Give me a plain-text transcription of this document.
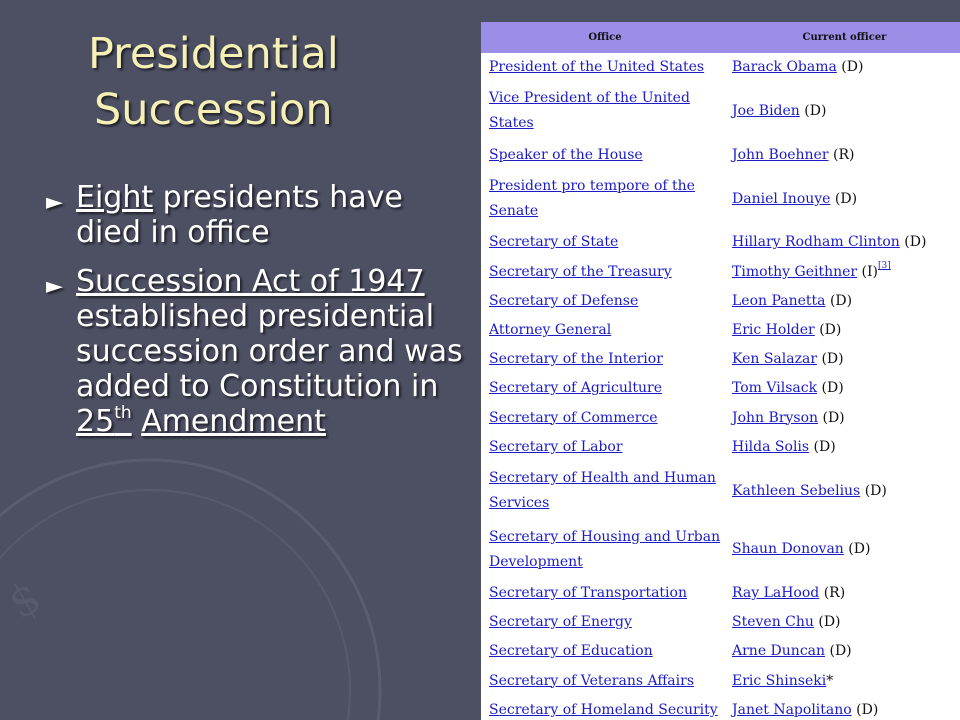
$
Presidential
Succession
► Eight presidents have died in office
► Succession Act of 1947 established presidential succession order and was added to Constitution in 25th Amendment
Office	Current officer
President of the United States	Barack Obama (D)
Vice President of the United States	Joe Biden (D)
Speaker of the House	John Boehner (R)
President pro tempore of the Senate	Daniel Inouye (D)
Secretary of State	Hillary Rodham Clinton (D)
Secretary of the Treasury	Timothy Geithner (I)[3]
Secretary of Defense	Leon Panetta (D)
Attorney General	Eric Holder (D)
Secretary of the Interior	Ken Salazar (D)
Secretary of Agriculture	Tom Vilsack (D)
Secretary of Commerce	John Bryson (D)
Secretary of Labor	Hilda Solis (D)
Secretary of Health and Human Services	Kathleen Sebelius (D)
Secretary of Housing and Urban Development	Shaun Donovan (D)
Secretary of Transportation	Ray LaHood (R)
Secretary of Energy	Steven Chu (D)
Secretary of Education	Arne Duncan (D)
Secretary of Veterans Affairs	Eric Shinseki*
Secretary of Homeland Security	Janet Napolitano (D)
